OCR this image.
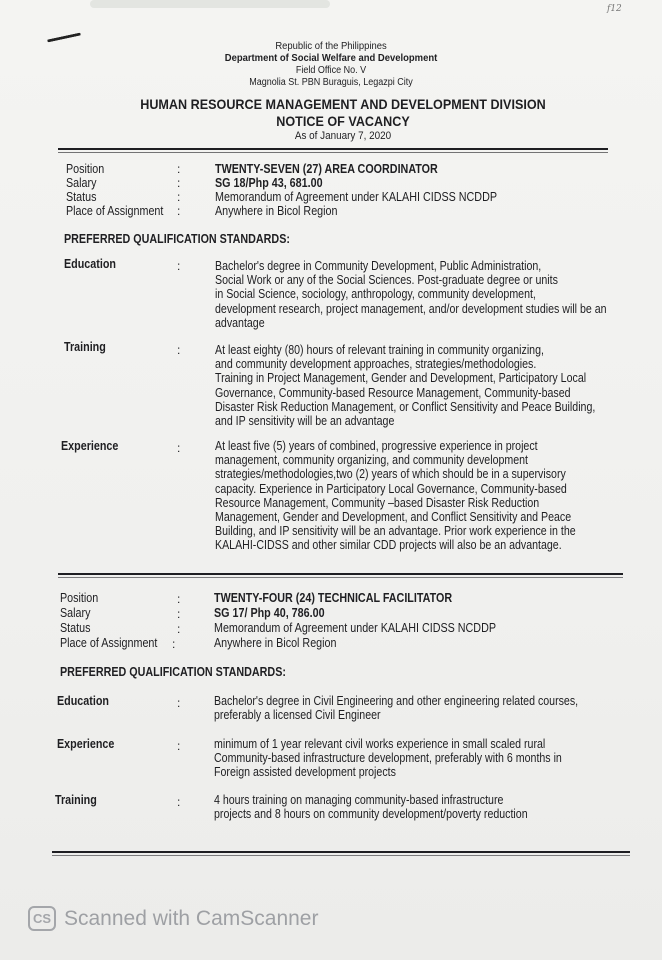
f12
Republic of the Philippines
Department of Social Welfare and Development
Field Office No. V
Magnolia St. PBN Buraguis, Legazpi City
HUMAN RESOURCE MANAGEMENT AND DEVELOPMENT DIVISION
NOTICE OF VACANCY
As of January 7, 2020
Position	:	TWENTY-SEVEN (27) AREA COORDINATOR
Salary	:	SG 18/Php 43, 681.00
Status	:	Memorandum of Agreement under KALAHI CIDSS NCDDP
Place of Assignment :	Anywhere in Bicol Region
PREFERRED QUALIFICATION STANDARDS:
Education	:	Bachelor's degree in Community Development, Public Administration,
Social Work or any of the Social Sciences. Post-graduate degree or units
in Social Science, sociology, anthropology, community development,
development research, project management, and/or development studies will be an
advantage
Training	:	At least eighty (80) hours of relevant training in community organizing,
and community development approaches, strategies/methodologies.
Training in Project Management, Gender and Development, Participatory Local
Governance, Community-based Resource Management, Community-based
Disaster Risk Reduction Management, or Conflict Sensitivity and Peace Building,
and IP sensitivity will be an advantage
Experience	:	At least five (5) years of combined, progressive experience in project
management, community organizing, and community development
strategies/methodologies,two (2) years of which should be in a supervisory
capacity. Experience in Participatory Local Governance, Community-based
Resource Management, Community –based Disaster Risk Reduction
Management, Gender and Development, and Conflict Sensitivity and Peace
Building, and IP sensitivity will be an advantage. Prior work experience in the
KALAHI-CIDSS and other similar CDD projects will also be an advantage.
Position	:	TWENTY-FOUR (24) TECHNICAL FACILITATOR
Salary	:	SG 17/ Php 40, 786.00
Status	:	Memorandum of Agreement under KALAHI CIDSS NCDDP
Place of Assignment :	Anywhere in Bicol Region
PREFERRED QUALIFICATION STANDARDS:
Education	:	Bachelor's degree in Civil Engineering and other engineering related courses,
preferably a licensed Civil Engineer
Experience	:	minimum of 1 year relevant civil works experience in small scaled rural
Community-based infrastructure development, preferably with 6 months in
Foreign assisted development projects
Training	:	4 hours training on managing community-based infrastructure
projects and 8 hours on community development/poverty reduction
CS Scanned with CamScanner
